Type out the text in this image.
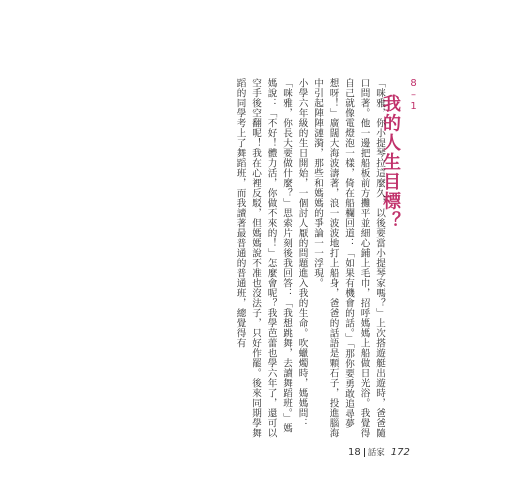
8–1
我的人生目標？

「咪雅，你小提琴拉這麼久，以後要當小提琴家嗎？」上次搭遊艇出遊時，爸爸隨口問著。他一邊把船板前方攤平並細心鋪上毛巾，招呼媽媽上船做日光浴。我覺得自己就像電燈泡一樣，倚在船欄回道：「如果有機會的話。」「那你要勇敢追尋夢想呀！」廣闊大海波濤著，浪一波波地打上船身，爸爸的話語是顆石子，投進腦海中引起陣陣漣漪，那些和媽媽的爭論一一浮現。

小學六年級的生日開始，一個討人厭的問題進入我的生命。吹蠟燭時，媽媽問：「咪雅，你長大要做什麼？」思索片刻後我回答：「我想跳舞，去讀舞蹈班。」媽媽說：「不好！體力活，你做不來的！」怎麼會呢？我學芭蕾也學六年了，還可以空手後空翻呢！我在心裡反駁，但媽媽說不准也沒法子，只好作罷。後來同期學舞蹈的同學考上了舞蹈班，而我讀著最普通的普通班，總覺得有

18 話家 172
